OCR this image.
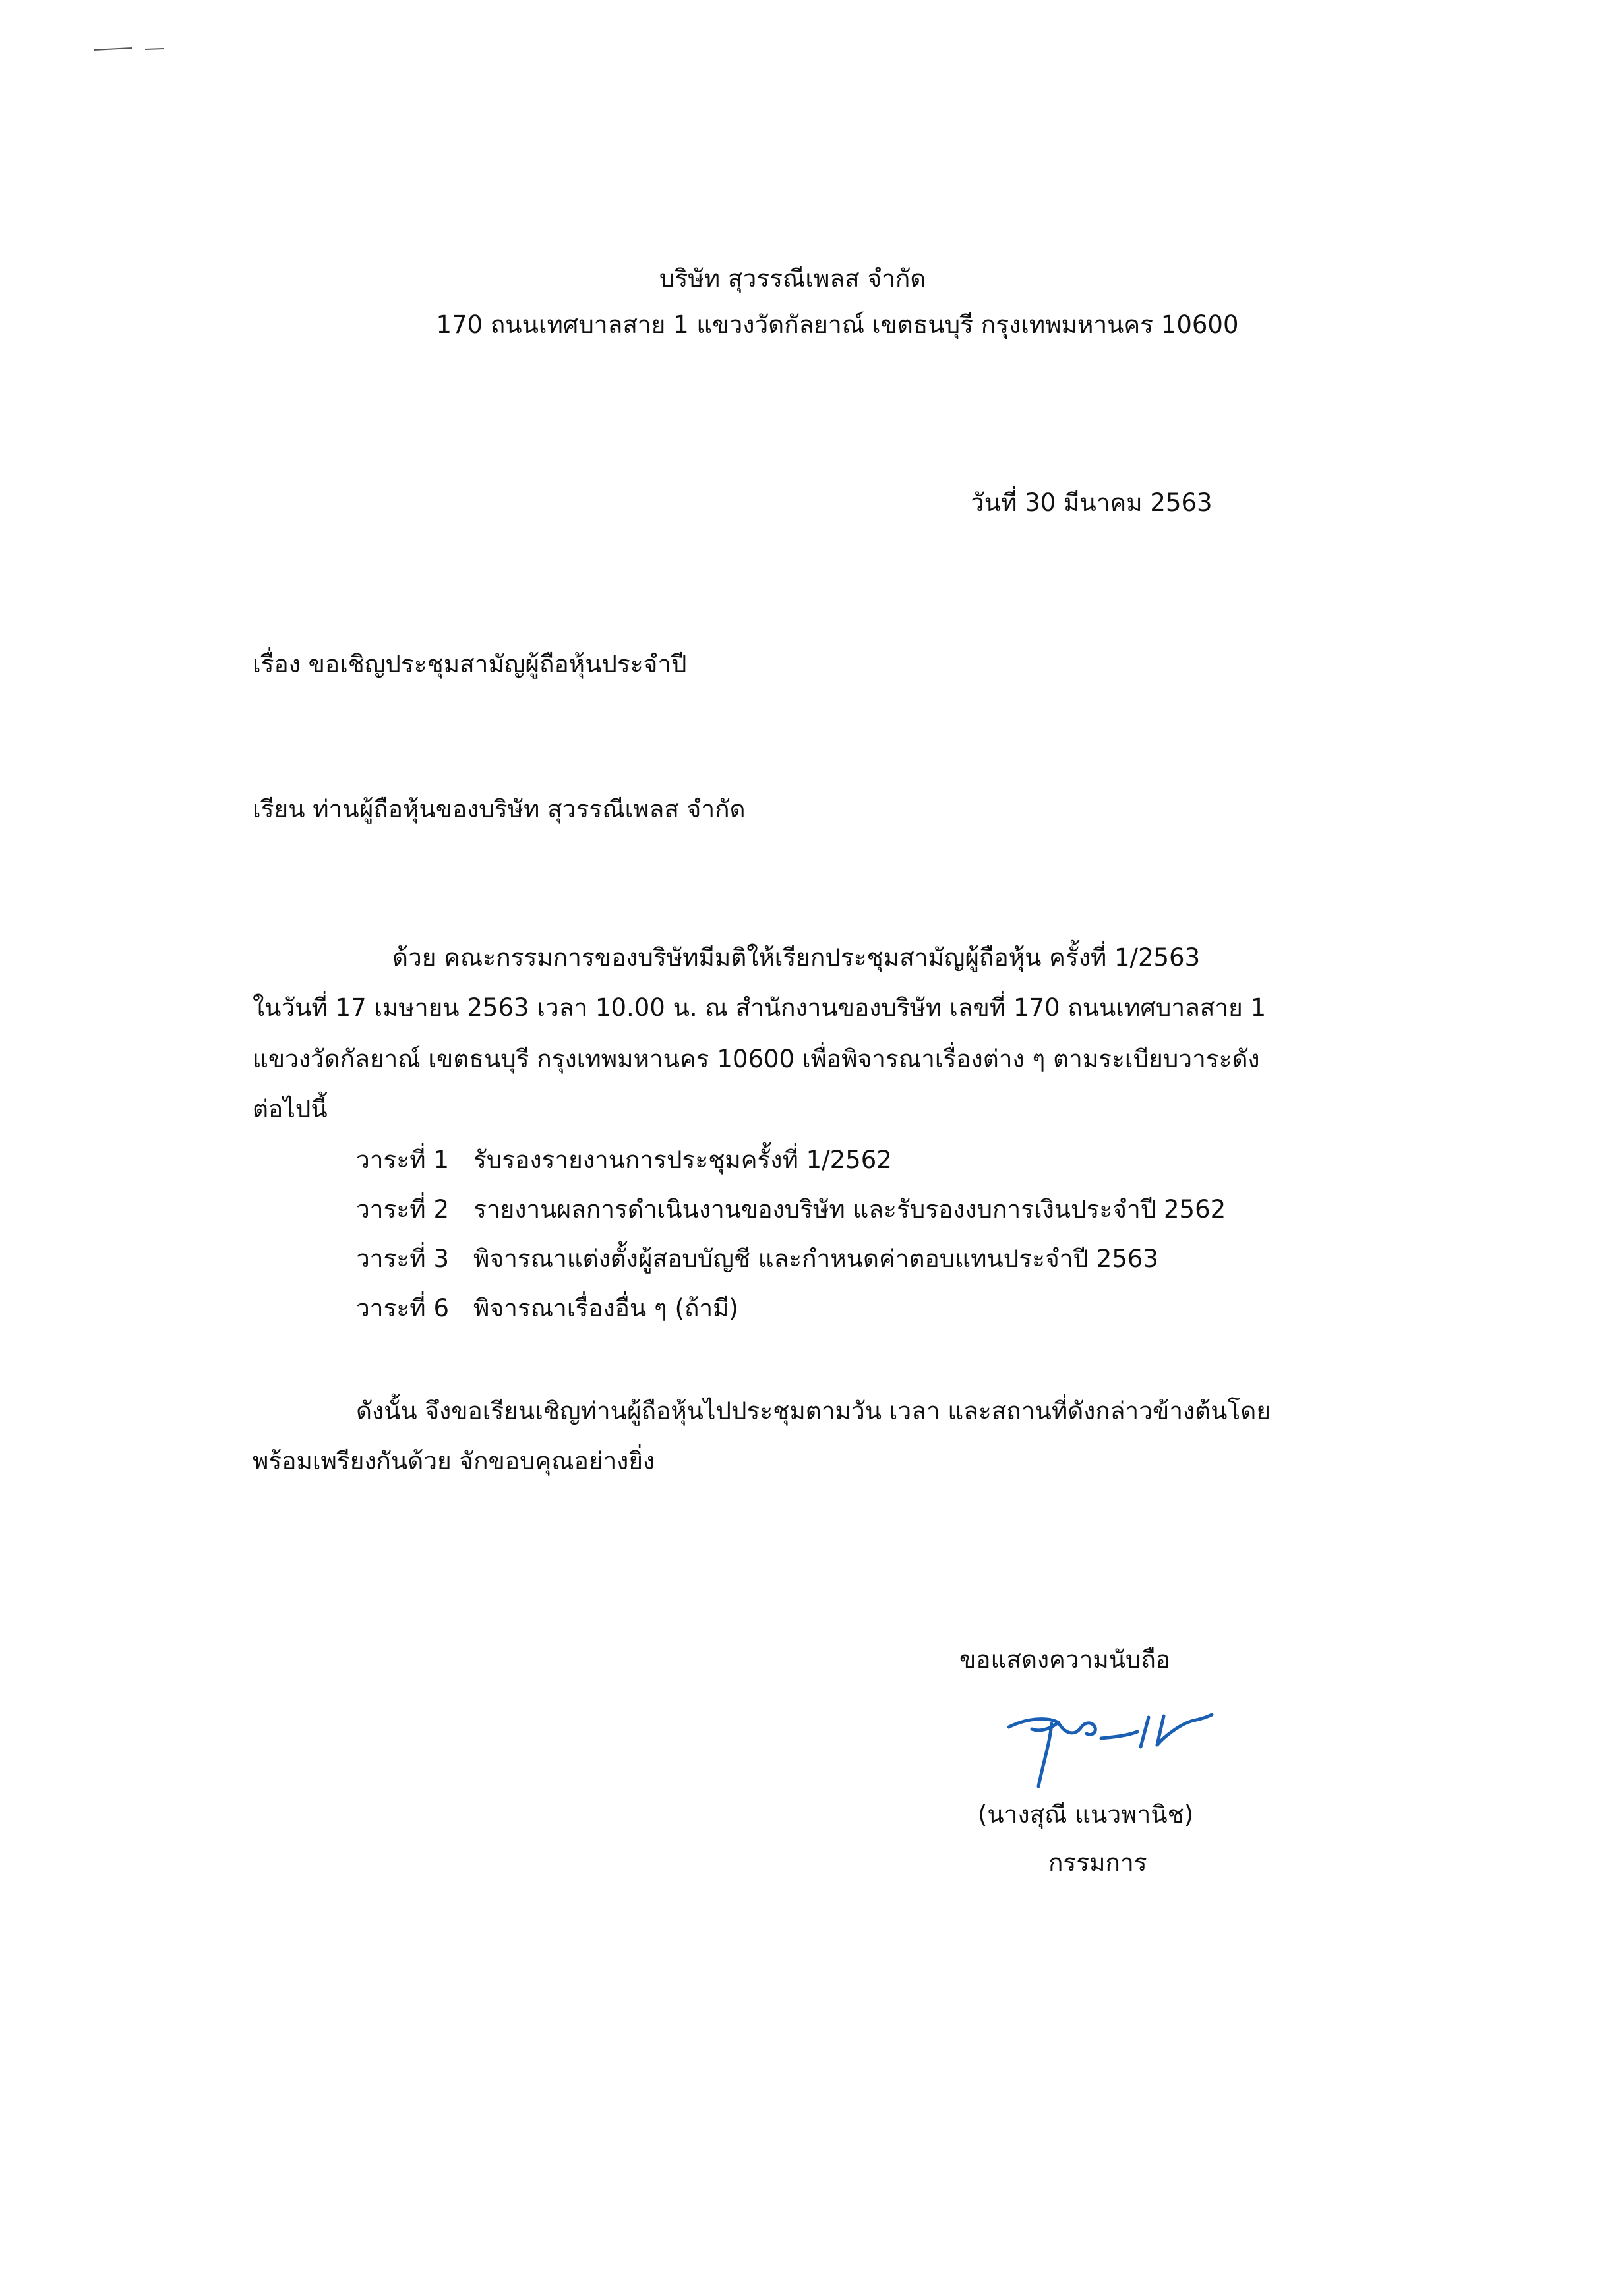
บริษัท สุวรรณีเพลส จำกัด
170 ถนนเทศบาลสาย 1 แขวงวัดกัลยาณ์ เขตธนบุรี กรุงเทพมหานคร 10600
วันที่ 30 มีนาคม 2563
เรื่อง ขอเชิญประชุมสามัญผู้ถือหุ้นประจำปี
เรียน ท่านผู้ถือหุ้นของบริษัท สุวรรณีเพลส จำกัด
ด้วย คณะกรรมการของบริษัทมีมติให้เรียกประชุมสามัญผู้ถือหุ้น ครั้งที่ 1/2563
ในวันที่ 17 เมษายน 2563 เวลา 10.00 น. ณ สำนักงานของบริษัท เลขที่ 170 ถนนเทศบาลสาย 1
แขวงวัดกัลยาณ์ เขตธนบุรี กรุงเทพมหานคร 10600 เพื่อพิจารณาเรื่องต่าง ๆ ตามระเบียบวาระดัง
ต่อไปนี้
วาระที่ 1 รับรองรายงานการประชุมครั้งที่ 1/2562
วาระที่ 2 รายงานผลการดำเนินงานของบริษัท และรับรองงบการเงินประจำปี 2562
วาระที่ 3 พิจารณาแต่งตั้งผู้สอบบัญชี และกำหนดค่าตอบแทนประจำปี 2563
วาระที่ 6 พิจารณาเรื่องอื่น ๆ (ถ้ามี)
ดังนั้น จึงขอเรียนเชิญท่านผู้ถือหุ้นไปประชุมตามวัน เวลา และสถานที่ดังกล่าวข้างต้นโดย
พร้อมเพรียงกันด้วย จักขอบคุณอย่างยิ่ง
ขอแสดงความนับถือ
(นางสุณี แนวพานิช)
กรรมการ
